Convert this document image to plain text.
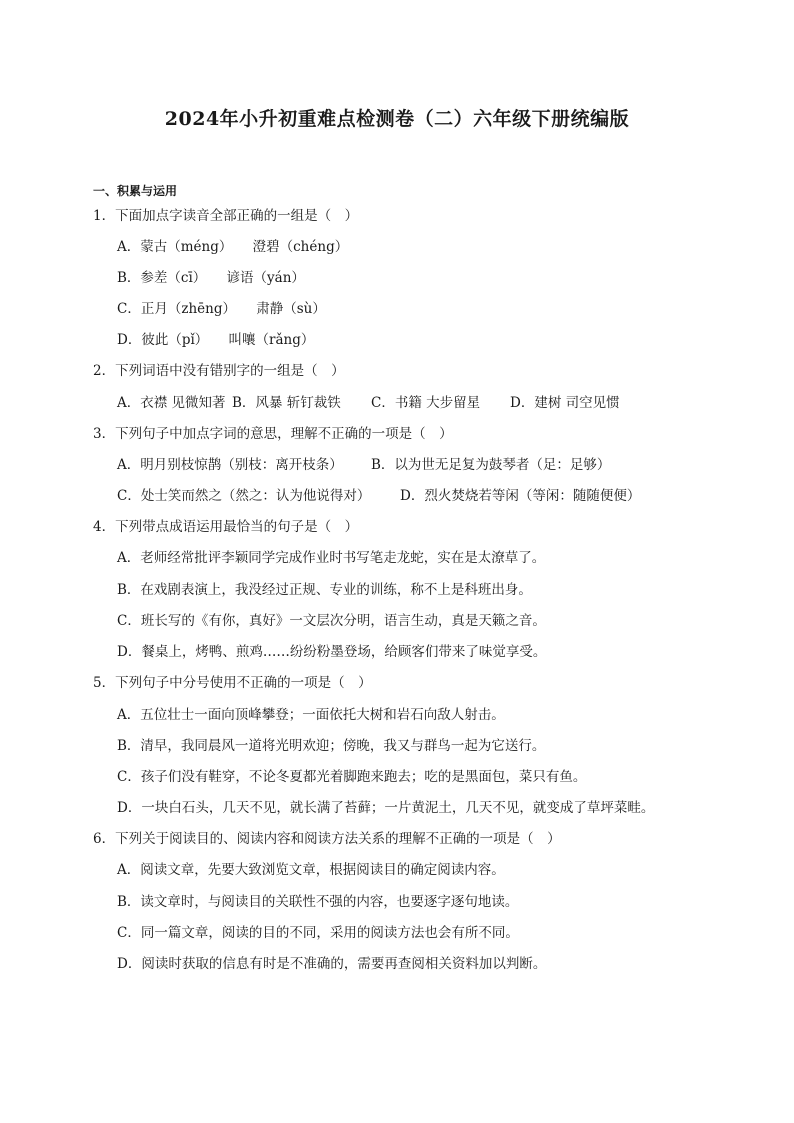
2024年小升初重难点检测卷（二）六年级下册统编版
一、积累与运用
1．下面加点字读音全部正确的一组是（　）
A．蒙古（méng）　　澄碧（chéng）
B．参差（cī）　　谚语（yán）
C．正月（zhēng）　　肃静（sù）
D．彼此（pǐ）　　叫嚷（rǎng）
2．下列词语中没有错别字的一组是（　）
A．衣襟 见微知著 B．风暴 斩钉裁铁 C．书籍 大步留星 D．建树 司空见惯
3．下列句子中加点字词的意思，理解不正确的一项是（　）
A．明月别枝惊鹊（别枝：离开枝条） B．以为世无足复为鼓琴者（足：足够）
C．处士笑而然之（然之：认为他说得对） D．烈火焚烧若等闲（等闲：随随便便）
4．下列带点成语运用最恰当的句子是（　）
A．老师经常批评李颖同学完成作业时书写笔走龙蛇，实在是太潦草了。
B．在戏剧表演上，我没经过正规、专业的训练，称不上是科班出身。
C．班长写的《有你，真好》一文层次分明，语言生动，真是天籁之音。
D．餐桌上，烤鸭、煎鸡……纷纷粉墨登场，给顾客们带来了味觉享受。
5．下列句子中分号使用不正确的一项是（　）
A．五位壮士一面向顶峰攀登；一面依托大树和岩石向敌人射击。
B．清早，我同晨风一道将光明欢迎；傍晚，我又与群鸟一起为它送行。
C．孩子们没有鞋穿，不论冬夏都光着脚跑来跑去；吃的是黑面包，菜只有鱼。
D．一块白石头，几天不见，就长满了苔藓；一片黄泥土，几天不见，就变成了草坪菜畦。
6．下列关于阅读目的、阅读内容和阅读方法关系的理解不正确的一项是（　）
A．阅读文章，先要大致浏览文章，根据阅读目的确定阅读内容。
B．读文章时，与阅读目的关联性不强的内容，也要逐字逐句地读。
C．同一篇文章，阅读的目的不同，采用的阅读方法也会有所不同。
D．阅读时获取的信息有时是不准确的，需要再查阅相关资料加以判断。
